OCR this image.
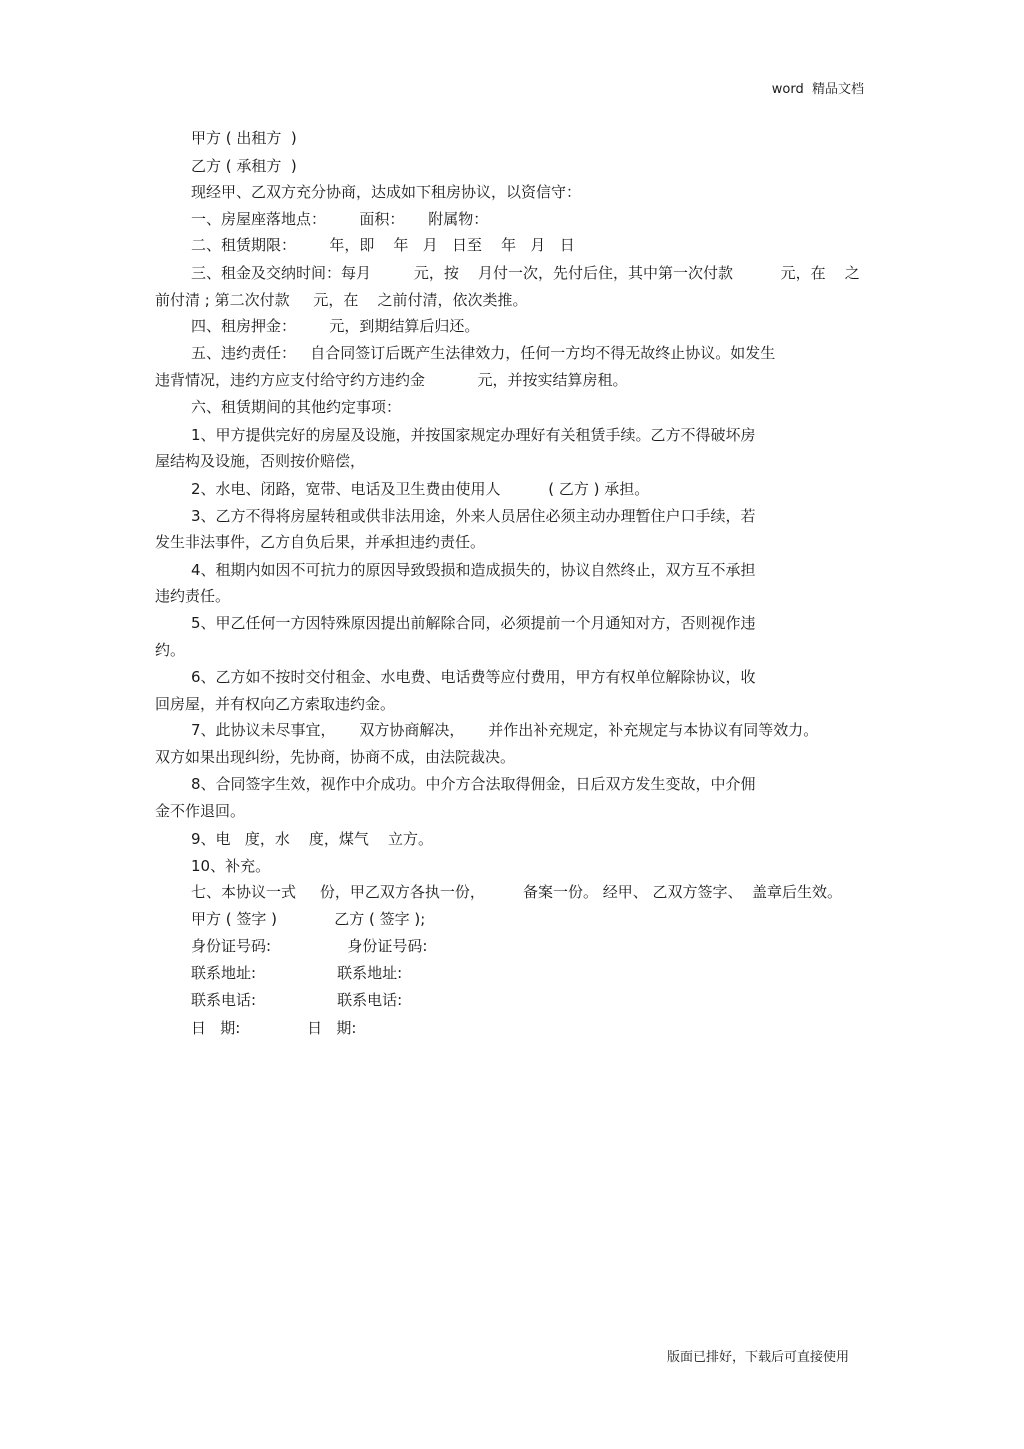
word  精品文档
甲方 ( 出租方  )
乙方 ( 承租方  )
现经甲、乙双方充分协商，达成如下租房协议，以资信守：
一、房屋座落地点：       面积：     附属物：
二、租赁期限：       年，即    年   月   日至    年   月   日
三、租金及交纳时间：每月         元，按    月付一次，先付后住，其中第一次付款          元，在    之
前付清 ; 第二次付款     元，在    之前付清，依次类推。
四、租房押金：       元，到期结算后归还。
五、违约责任：   自合同签订后既产生法律效力，任何一方均不得无故终止协议。如发生
违背情况，违约方应支付给守约方违约金           元，并按实结算房租。
六、租赁期间的其他约定事项：
1、甲方提供完好的房屋及设施，并按国家规定办理好有关租赁手续。乙方不得破坏房
屋结构及设施，否则按价赔偿，
2、水电、闭路，宽带、电话及卫生费由使用人          ( 乙方 ) 承担。
3、乙方不得将房屋转租或供非法用途，外来人员居住必须主动办理暂住户口手续，若
发生非法事件，乙方自负后果，并承担违约责任。
4、租期内如因不可抗力的原因导致毁损和造成损失的，协议自然终止，双方互不承担
违约责任。
5、甲乙任何一方因特殊原因提出前解除合同，必须提前一个月通知对方，否则视作违
约。
6、乙方如不按时交付租金、水电费、电话费等应付费用，甲方有权单位解除协议，收
回房屋，并有权向乙方索取违约金。
7、此协议未尽事宜，     双方协商解决，     并作出补充规定，补充规定与本协议有同等效力。
双方如果出现纠纷，先协商，协商不成，由法院裁决。
8、合同签字生效，视作中介成功。中介方合法取得佣金，日后双方发生变故，中介佣
金不作退回。
9、电   度，水    度，煤气    立方。
10、补充。
七、本协议一式     份，甲乙双方各执一份，        备案一份。 经甲、 乙双方签字、  盖章后生效。
甲方 ( 签字 )            乙方 ( 签字 );
身份证号码:                身份证号码:
联系地址:                 联系地址:
联系电话:                 联系电话:
日   期:              日   期:
版面已排好，下载后可直接使用
